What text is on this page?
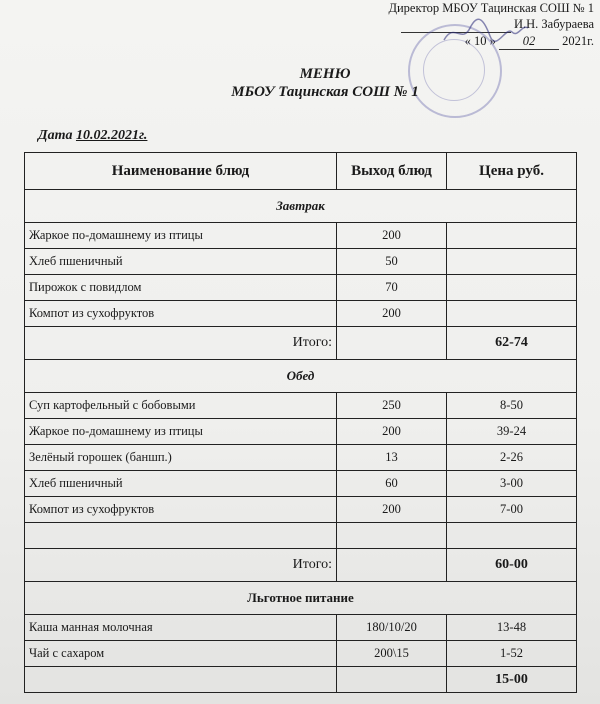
Директор МБОУ Тацинская СОШ № 1
И.Н. Забураева
« 10 » 02 2021г.
МЕНЮ
МБОУ Тацинская СОШ № 1
Дата 10.02.2021г.
Наименование блюд	Выход блюд	Цена руб.
Завтрак		
Жаркое по-домашнему из птицы	200	
Хлеб пшеничный	50	
Пирожок с повидлом	70	
Компот из сухофруктов	200	
Итого:		62-74
Обед		
Суп картофельный с бобовыми	250	8-50
Жаркое по-домашнему из птицы	200	39-24
Зелёный горошек (баншп.)	13	2-26
Хлеб пшеничный	60	3-00
Компот из сухофруктов	200	7-00

Итого:		60-00
Льготное питание		
Каша манная молочная	180/10/20	13-48
Чай с сахаром	200\15	1-52
		15-00
